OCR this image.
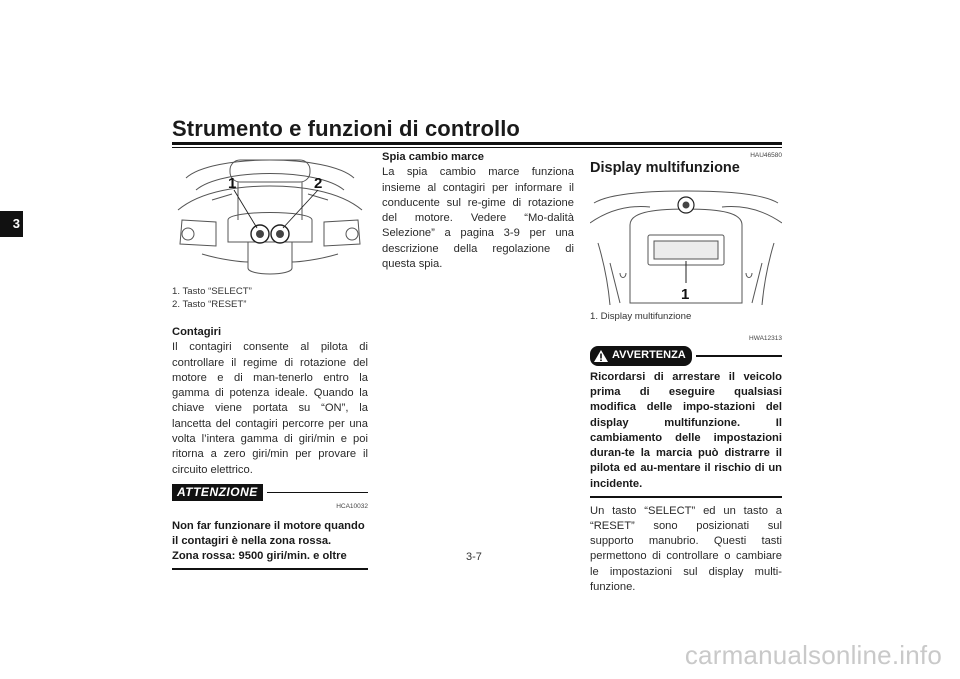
Strumento e funzioni di controllo
3
1	2
1. Tasto “SELECT”
2. Tasto “RESET”
Contagiri

Il contagiri consente al pilota di controllare il regime di rotazione del motore e di man-tenerlo entro la gamma di potenza ideale. Quando la chiave viene portata su “ON”, la lancetta del contagiri percorre per una volta l’intera gamma di giri/min e poi ritorna a zero giri/min per provare il circuito elettrico.

ATTENZIONE
HCA10032
Non far funzionare il motore quando il contagiri è nella zona rossa.
Zona rossa: 9500 giri/min. e oltre
Spia cambio marce

La spia cambio marce funziona insieme al contagiri per informare il conducente sul re-gime di rotazione del motore. Vedere “Mo-dalità Selezione” a pagina 3-9 per una descrizione della regolazione di questa spia.

HAU46580
Display multifunzione
1
1. Display multifunzione
HWA12313
AVVERTENZA
Ricordarsi di arrestare il veicolo prima di eseguire qualsiasi modifica delle impo-stazioni del display multifunzione. Il cambiamento delle impostazioni duran-te la marcia può distrarre il pilota ed au-mentare il rischio di un incidente.

Un tasto “SELECT” ed un tasto a “RESET” sono posizionati sul supporto manubrio. Questi tasti permettono di controllare o cambiare le impostazioni sul display multi-funzione.

3-7
carmanualsonline.info
